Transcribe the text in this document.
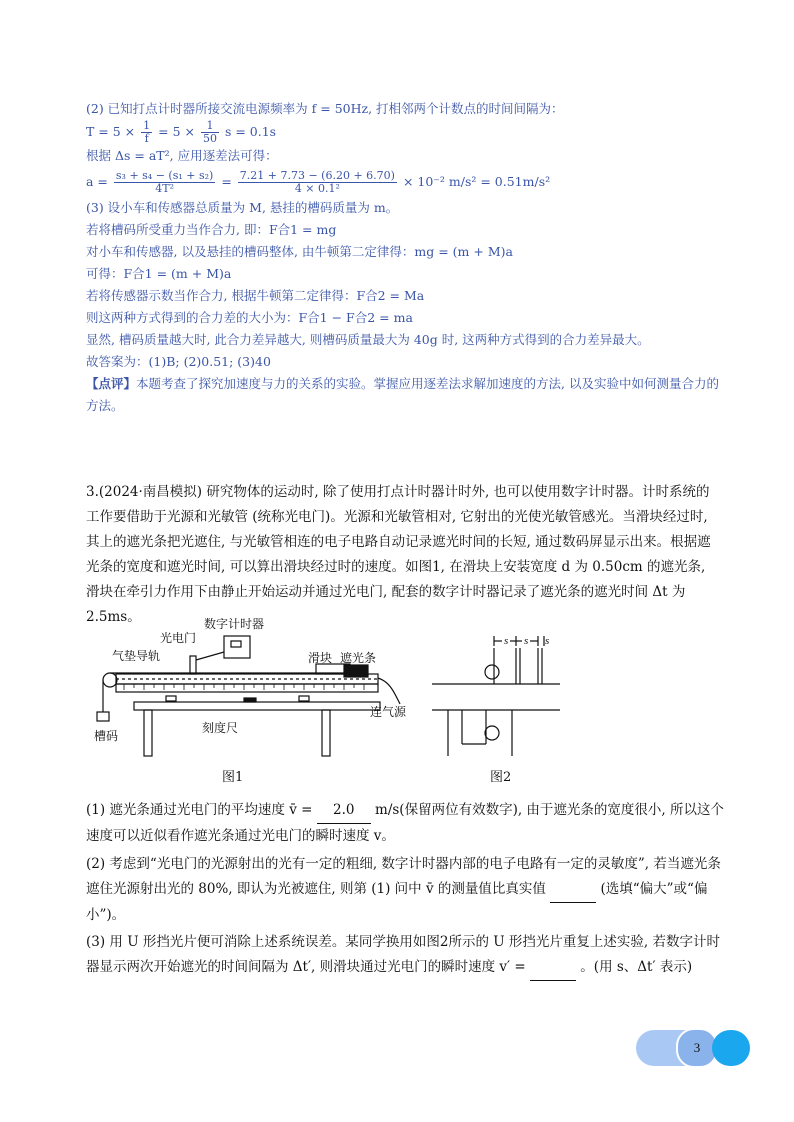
(2) 已知打点计时器所接交流电源频率为 f = 50Hz, 打相邻两个计数点的时间间隔为：
$T = 5 \times \frac{1}{f} = 5 \times \frac{1}{50}$ s = 0.1s
根据 Δs = aT², 应用逐差法可得：
$a = \frac{\text{s₃ + s₄ − (s₁ + s₂)}}{\text{4T²}} = \frac{7.21 + 7.73 - (6.20 + 6.70)}{\text{4 × 0.1²}} \times 10^{-2}$ m/s² = 0.51m/s²
(3) 设小车和传感器总质量为 M, 悬挂的槽码质量为 m。
若将槽码所受重力当作合力, 即：F合1 = mg
对小车和传感器, 以及悬挂的槽码整体, 由牛顿第二定律得：mg = (m + M)a
可得：F合1 = (m + M)a
若将传感器示数当作合力, 根据牛顿第二定律得：F合2 = Ma
则这两种方式得到的合力差的大小为：F合1 − F合2 = ma
显然, 槽码质量越大时, 此合力差异越大, 则槽码质量最大为 40g 时, 这两种方式得到的合力差异最大。
故答案为：(1)B; (2)0.51; (3)40
【点评】本题考查了探究加速度与力的关系的实验。掌握应用逐差法求解加速度的方法, 以及实验中如何测量合力的方法。

3.(2024·南昌模拟) 研究物体的运动时, 除了使用打点计时器计时外, 也可以使用数字计时器。计时系统的工作要借助于光源和光敏管 (统称光电门)。光源和光敏管相对, 它射出的光使光敏管感光。当滑块经过时, 其上的遮光条把光遮住, 与光敏管相连的电子电路自动记录遮光时间的长短, 通过数码屏显示出来。根据遮光条的宽度和遮光时间, 可以算出滑块经过时的速度。如图1, 在滑块上安装宽度 d 为 0.50cm 的遮光条, 滑块在牵引力作用下由静止开始运动并通过光电门, 配套的数字计时器记录了遮光条的遮光时间 Δt 为 2.5ms。	数字计时器
光电门
气垫导轨	滑块 遮光条
连气源
刻度尺
槽码
图1
s s s
图2
(1) 遮光条通过光电门的平均速度 v̄ = 2.0 m/s(保留两位有效数字), 由于遮光条的宽度很小, 所以这个速度可以近似看作遮光条通过光电门的瞬时速度 v。
(2) 考虑到“光电门的光源射出的光有一定的粗细, 数字计时器内部的电子电路有一定的灵敏度”, 若当遮光条遮住光源射出光的 80%, 即认为光被遮住, 则第 (1) 问中 v̄ 的测量值比真实值	(选填“偏大”或“偏小”)。
(3) 用 U 形挡光片便可消除上述系统误差。某同学换用如图2所示的 U 形挡光片重复上述实验, 若数字计时器显示两次开始遮光的时间间隔为 Δt′, 则滑块通过光电门的瞬时速度 v′ =	。(用 s、Δt′ 表示)
3
